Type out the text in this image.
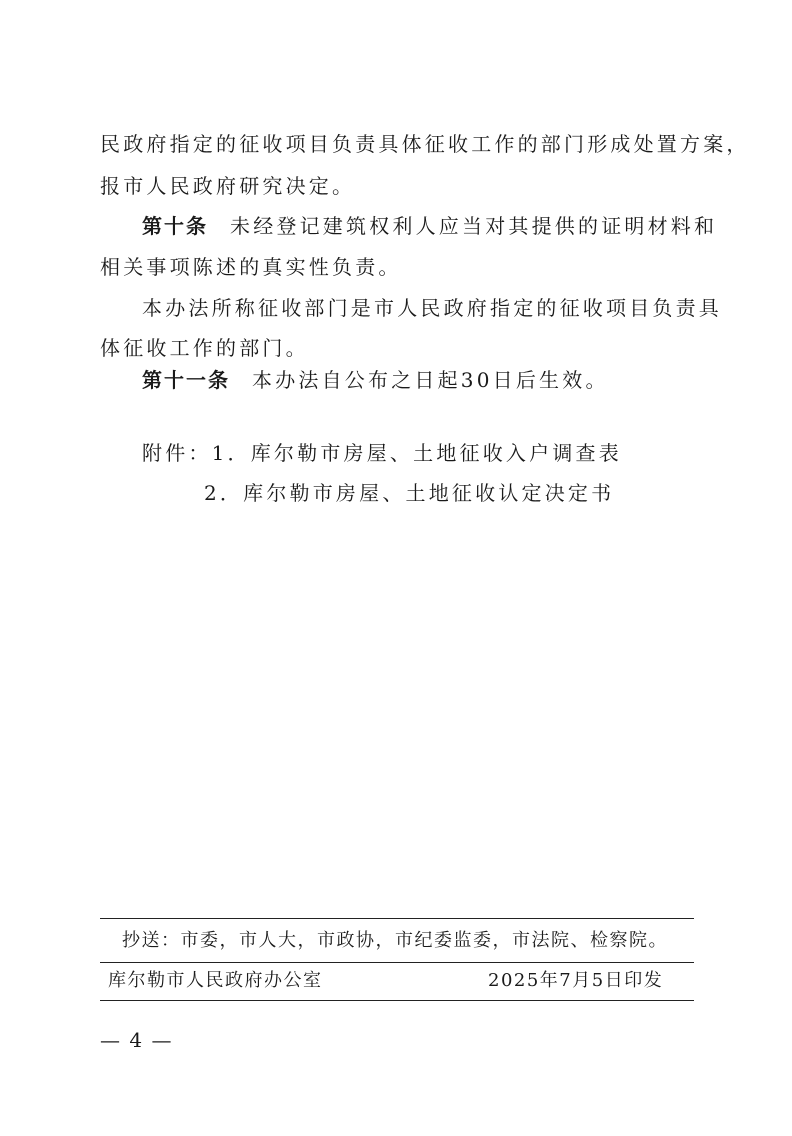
民政府指定的征收项目负责具体征收工作的部门形成处置方案，
报市人民政府研究决定。
第十条 未经登记建筑权利人应当对其提供的证明材料和
相关事项陈述的真实性负责。
本办法所称征收部门是市人民政府指定的征收项目负责具
体征收工作的部门。
第十一条 本办法自公布之日起30日后生效。
附件：1．库尔勒市房屋、土地征收入户调查表
2．库尔勒市房屋、土地征收认定决定书
抄送：市委，市人大，市政协，市纪委监委，市法院、检察院。
库尔勒市人民政府办公室	2025年7月5日印发
— 4 —
